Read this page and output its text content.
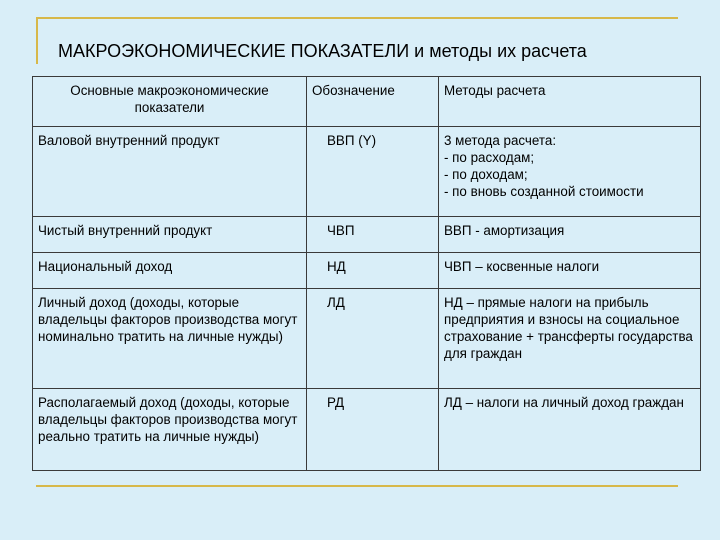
МАКРОЭКОНОМИЧЕСКИЕ ПОКАЗАТЕЛИ и методы их расчета
Основные макроэкономические показатели	Обозначение	Методы расчета
Валовой внутренний продукт	ВВП (Y)	3 метода расчета:
- по расходам;
- по доходам;
- по вновь созданной стоимости
Чистый внутренний продукт	ЧВП	ВВП - амортизация
Национальный доход	НД	ЧВП – косвенные налоги
Личный доход (доходы, которые владельцы факторов производства могут номинально тратить на личные нужды)	ЛД	НД – прямые налоги на прибыль предприятия и взносы на социальное страхование + трансферты государства для граждан
Располагаемый доход (доходы, которые владельцы факторов производства могут реально тратить на личные нужды)	РД	ЛД – налоги на личный доход граждан
